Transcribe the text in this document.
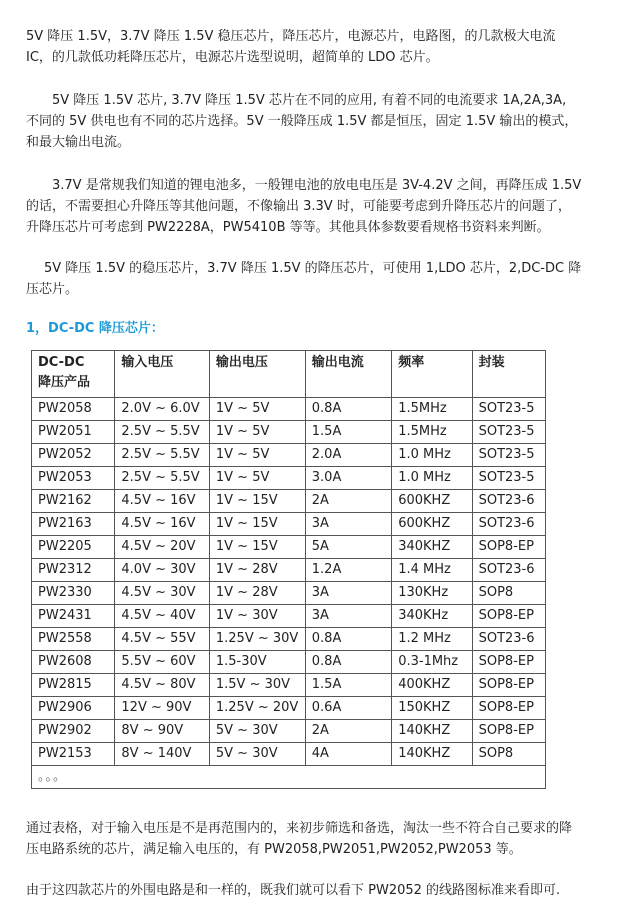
5V 降压 1.5V，3.7V 降压 1.5V 稳压芯片，降压芯片，电源芯片，电路图，的几款极大电流 IC，的几款低功耗降压芯片，电源芯片选型说明，超简单的 LDO 芯片。

5V 降压 1.5V 芯片, 3.7V 降压 1.5V 芯片在不同的应用, 有着不同的电流要求 1A,2A,3A, 不同的 5V 供电也有不同的芯片选择。5V 一般降压成 1.5V 都是恒压，固定 1.5V 输出的模式，和最大输出电流。

3.7V 是常规我们知道的锂电池多，一般锂电池的放电电压是 3V-4.2V 之间，再降压成 1.5V 的话，不需要担心升降压等其他问题，不像输出 3.3V 时，可能要考虑到升降压芯片的问题了，升降压芯片可考虑到 PW2228A，PW5410B 等等。其他具体参数要看规格书资料来判断。

5V 降压 1.5V 的稳压芯片，3.7V 降压 1.5V 的降压芯片，可使用 1,LDO 芯片，2,DC-DC 降压芯片。

1，DC-DC 降压芯片：
DC-DC
降压产品	输入电压	输出电压	输出电流	频率	封装
PW2058	2.0V ~ 6.0V	1V ~ 5V	0.8A	1.5MHz	SOT23-5
PW2051	2.5V ~ 5.5V	1V ~ 5V	1.5A	1.5MHz	SOT23-5
PW2052	2.5V ~ 5.5V	1V ~ 5V	2.0A	1.0 MHz	SOT23-5
PW2053	2.5V ~ 5.5V	1V ~ 5V	3.0A	1.0 MHz	SOT23-5
PW2162	4.5V ~ 16V	1V ~ 15V	2A	600KHZ	SOT23-6
PW2163	4.5V ~ 16V	1V ~ 15V	3A	600KHZ	SOT23-6
PW2205	4.5V ~ 20V	1V ~ 15V	5A	340KHZ	SOP8-EP
PW2312	4.0V ~ 30V	1V ~ 28V	1.2A	1.4 MHz	SOT23-6
PW2330	4.5V ~ 30V	1V ~ 28V	3A	130KHz	SOP8
PW2431	4.5V ~ 40V	1V ~ 30V	3A	340KHz	SOP8-EP
PW2558	4.5V ~ 55V	1.25V ~ 30V	0.8A	1.2 MHz	SOT23-6
PW2608	5.5V ~ 60V	1.5-30V	0.8A	0.3-1Mhz	SOP8-EP
PW2815	4.5V ~ 80V	1.5V ~ 30V	1.5A	400KHZ	SOP8-EP
PW2906	12V ~ 90V	1.25V ~ 20V	0.6A	150KHZ	SOP8-EP
PW2902	8V ~ 90V	5V ~ 30V	2A	140KHZ	SOP8-EP
PW2153	8V ~ 140V	5V ~ 30V	4A	140KHZ	SOP8
。。。					

通过表格，对于输入电压是不是再范围内的，来初步筛选和备选，淘汰一些不符合自己要求的降压电路系统的芯片，满足输入电压的，有 PW2058,PW2051,PW2052,PW2053 等。

由于这四款芯片的外围电路是和一样的，既我们就可以看下 PW2052 的线路图标准来看即可.
